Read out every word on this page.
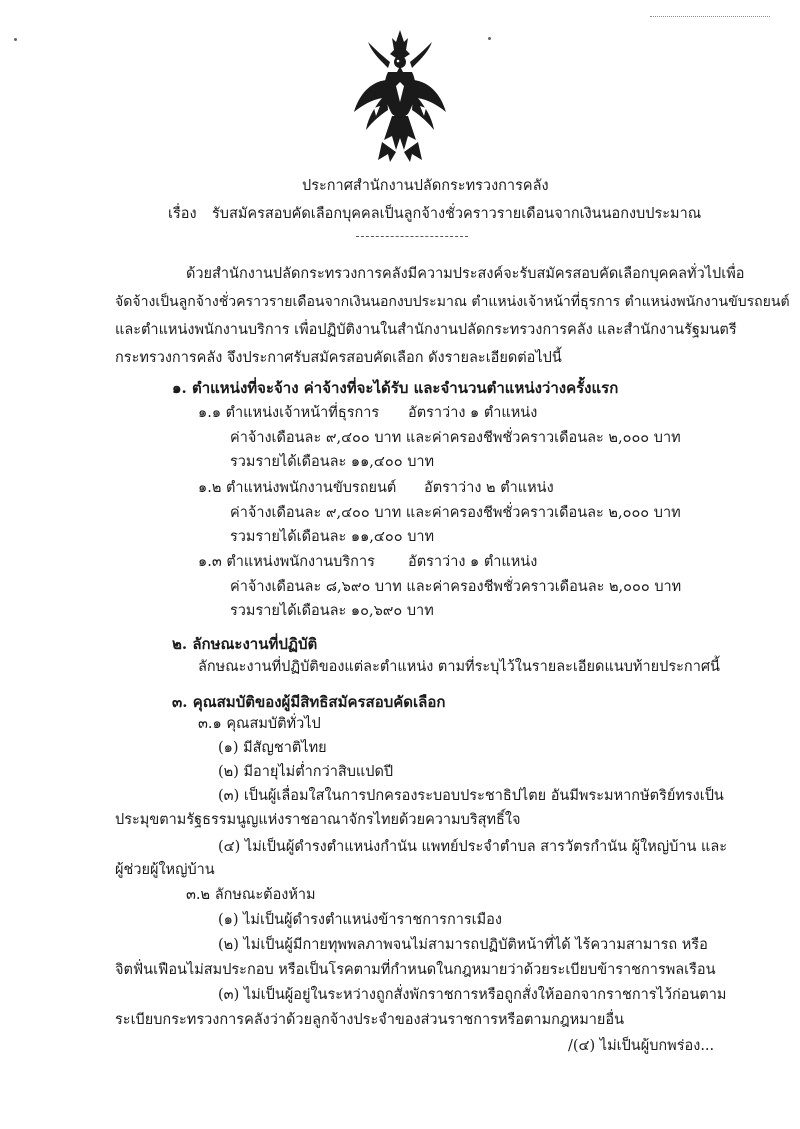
ประกาศสำนักงานปลัดกระทรวงการคลัง
เรื่อง รับสมัครสอบคัดเลือกบุคคลเป็นลูกจ้างชั่วคราวรายเดือนจากเงินนอกงบประมาณ
ด้วยสำนักงานปลัดกระทรวงการคลังมีความประสงค์จะรับสมัครสอบคัดเลือกบุคคลทั่วไปเพื่อ
จัดจ้างเป็นลูกจ้างชั่วคราวรายเดือนจากเงินนอกงบประมาณ ตำแหน่งเจ้าหน้าที่ธุรการ ตำแหน่งพนักงานขับรถยนต์
และตำแหน่งพนักงานบริการ เพื่อปฏิบัติงานในสำนักงานปลัดกระทรวงการคลัง และสำนักงานรัฐมนตรี
กระทรวงการคลัง จึงประกาศรับสมัครสอบคัดเลือก ดังรายละเอียดต่อไปนี้
๑. ตำแหน่งที่จะจ้าง ค่าจ้างที่จะได้รับ และจำนวนตำแหน่งว่างครั้งแรก
๑.๑ ตำแหน่งเจ้าหน้าที่ธุรการ อัตราว่าง ๑ ตำแหน่ง
ค่าจ้างเดือนละ ๙,๔๐๐ บาท และค่าครองชีพชั่วคราวเดือนละ ๒,๐๐๐ บาท
รวมรายได้เดือนละ ๑๑,๔๐๐ บาท
๑.๒ ตำแหน่งพนักงานขับรถยนต์ อัตราว่าง ๒ ตำแหน่ง
ค่าจ้างเดือนละ ๙,๔๐๐ บาท และค่าครองชีพชั่วคราวเดือนละ ๒,๐๐๐ บาท
รวมรายได้เดือนละ ๑๑,๔๐๐ บาท
๑.๓ ตำแหน่งพนักงานบริการ อัตราว่าง ๑ ตำแหน่ง
ค่าจ้างเดือนละ ๘,๖๙๐ บาท และค่าครองชีพชั่วคราวเดือนละ ๒,๐๐๐ บาท
รวมรายได้เดือนละ ๑๐,๖๙๐ บาท
๒. ลักษณะงานที่ปฏิบัติ
ลักษณะงานที่ปฏิบัติของแต่ละตำแหน่ง ตามที่ระบุไว้ในรายละเอียดแนบท้ายประกาศนี้
๓. คุณสมบัติของผู้มีสิทธิสมัครสอบคัดเลือก
๓.๑ คุณสมบัติทั่วไป
(๑) มีสัญชาติไทย
(๒) มีอายุไม่ต่ำกว่าสิบแปดปี
(๓) เป็นผู้เลื่อมใสในการปกครองระบอบประชาธิปไตย อันมีพระมหากษัตริย์ทรงเป็น
ประมุขตามรัฐธรรมนูญแห่งราชอาณาจักรไทยด้วยความบริสุทธิ์ใจ
(๔) ไม่เป็นผู้ดำรงตำแหน่งกำนัน แพทย์ประจำตำบล สารวัตรกำนัน ผู้ใหญ่บ้าน และ
ผู้ช่วยผู้ใหญ่บ้าน
๓.๒ ลักษณะต้องห้าม
(๑) ไม่เป็นผู้ดำรงตำแหน่งข้าราชการการเมือง
(๒) ไม่เป็นผู้มีกายทุพพลภาพจนไม่สามารถปฏิบัติหน้าที่ได้ ไร้ความสามารถ หรือ
จิตฟั่นเฟือนไม่สมประกอบ หรือเป็นโรคตามที่กำหนดในกฎหมายว่าด้วยระเบียบข้าราชการพลเรือน
(๓) ไม่เป็นผู้อยู่ในระหว่างถูกสั่งพักราชการหรือถูกสั่งให้ออกจากราชการไว้ก่อนตาม
ระเบียบกระทรวงการคลังว่าด้วยลูกจ้างประจำของส่วนราชการหรือตามกฎหมายอื่น
/(๔) ไม่เป็นผู้บกพร่อง...
